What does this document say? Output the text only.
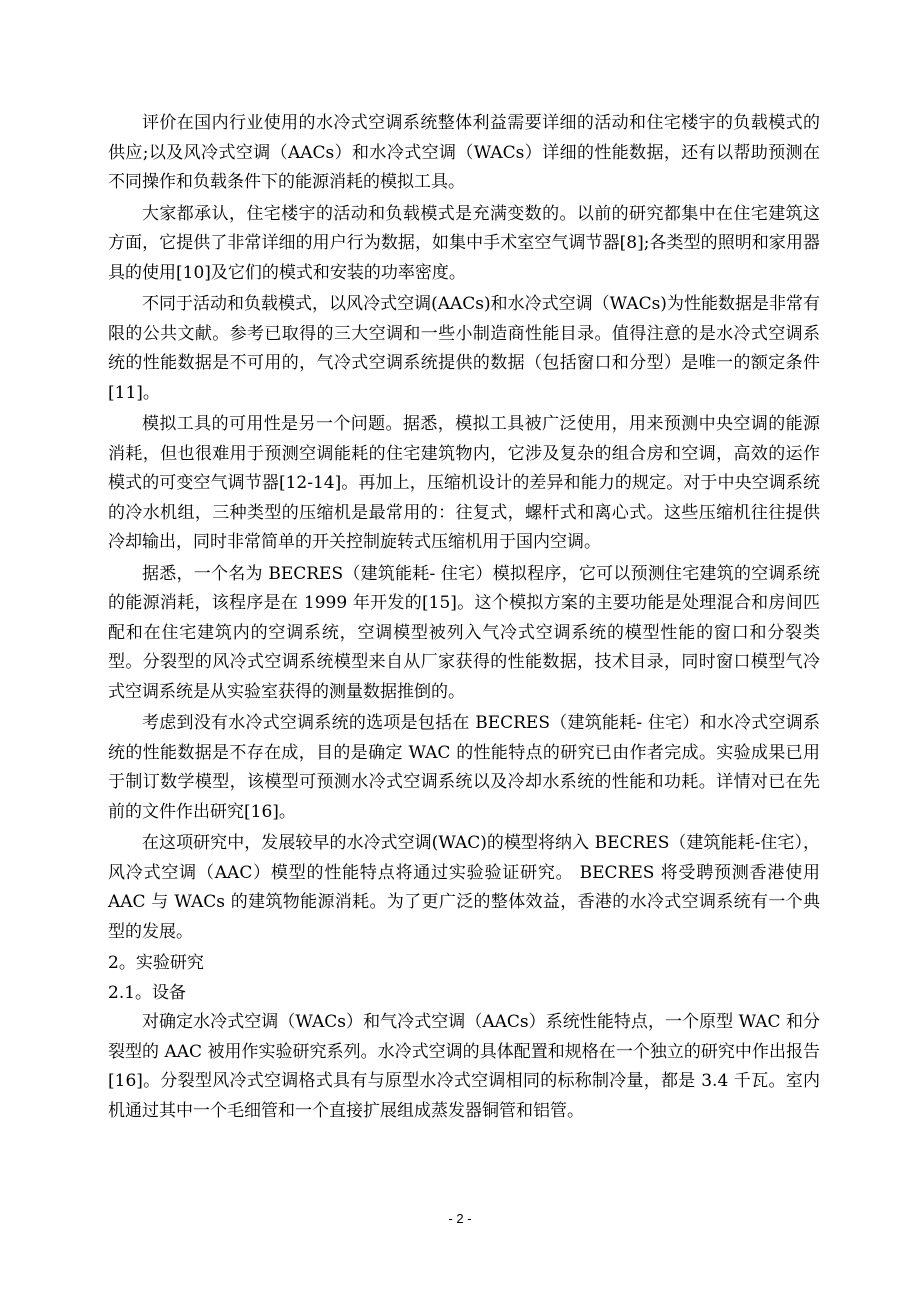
评价在国内行业使用的水冷式空调系统整体利益需要详细的活动和住宅楼宇的负载模式的供应;以及风冷式空调（AACs）和水冷式空调（WACs）详细的性能数据，还有以帮助预测在不同操作和负载条件下的能源消耗的模拟工具。

大家都承认，住宅楼宇的活动和负载模式是充满变数的。以前的研究都集中在住宅建筑这方面，它提供了非常详细的用户行为数据，如集中手术室空气调节器[8];各类型的照明和家用器具的使用[10]及它们的模式和安装的功率密度。

不同于活动和负载模式，以风冷式空调(AACs)和水冷式空调（WACs)为性能数据是非常有限的公共文献。参考已取得的三大空调和一些小制造商性能目录。值得注意的是水冷式空调系统的性能数据是不可用的，气冷式空调系统提供的数据（包括窗口和分型）是唯一的额定条件[11]。

模拟工具的可用性是另一个问题。据悉，模拟工具被广泛使用，用来预测中央空调的能源消耗，但也很难用于预测空调能耗的住宅建筑物内，它涉及复杂的组合房和空调，高效的运作模式的可变空气调节器[12-14]。再加上，压缩机设计的差异和能力的规定。对于中央空调系统的冷水机组，三种类型的压缩机是最常用的：往复式，螺杆式和离心式。这些压缩机往往提供冷却输出，同时非常简单的开关控制旋转式压缩机用于国内空调。

据悉，一个名为 BECRES（建筑能耗- 住宅）模拟程序，它可以预测住宅建筑的空调系统的能源消耗，该程序是在 1999 年开发的[15]。这个模拟方案的主要功能是处理混合和房间匹配和在住宅建筑内的空调系统，空调模型被列入气冷式空调系统的模型性能的窗口和分裂类型。分裂型的风冷式空调系统模型来自从厂家获得的性能数据，技术目录，同时窗口模型气冷式空调系统是从实验室获得的测量数据推倒的。

考虑到没有水冷式空调系统的选项是包括在 BECRES（建筑能耗- 住宅）和水冷式空调系统的性能数据是不存在成，目的是确定 WAC 的性能特点的研究已由作者完成。实验成果已用于制订数学模型，该模型可预测水冷式空调系统以及冷却水系统的性能和功耗。详情对已在先前的文件作出研究[16]。

在这项研究中，发展较早的水冷式空调(WAC)的模型将纳入 BECRES（建筑能耗-住宅），风冷式空调（AAC）模型的性能特点将通过实验验证研究。 BECRES 将受聘预测香港使用 AAC 与 WACs 的建筑物能源消耗。为了更广泛的整体效益，香港的水冷式空调系统有一个典型的发展。

2。实验研究

2.1。设备

对确定水冷式空调（WACs）和气冷式空调（AACs）系统性能特点，一个原型 WAC 和分裂型的 AAC 被用作实验研究系列。水冷式空调的具体配置和规格在一个独立的研究中作出报告[16]。分裂型风冷式空调格式具有与原型水冷式空调相同的标称制冷量，都是 3.4 千瓦。室内机通过其中一个毛细管和一个直接扩展组成蒸发器铜管和铝管。

- 2 -
